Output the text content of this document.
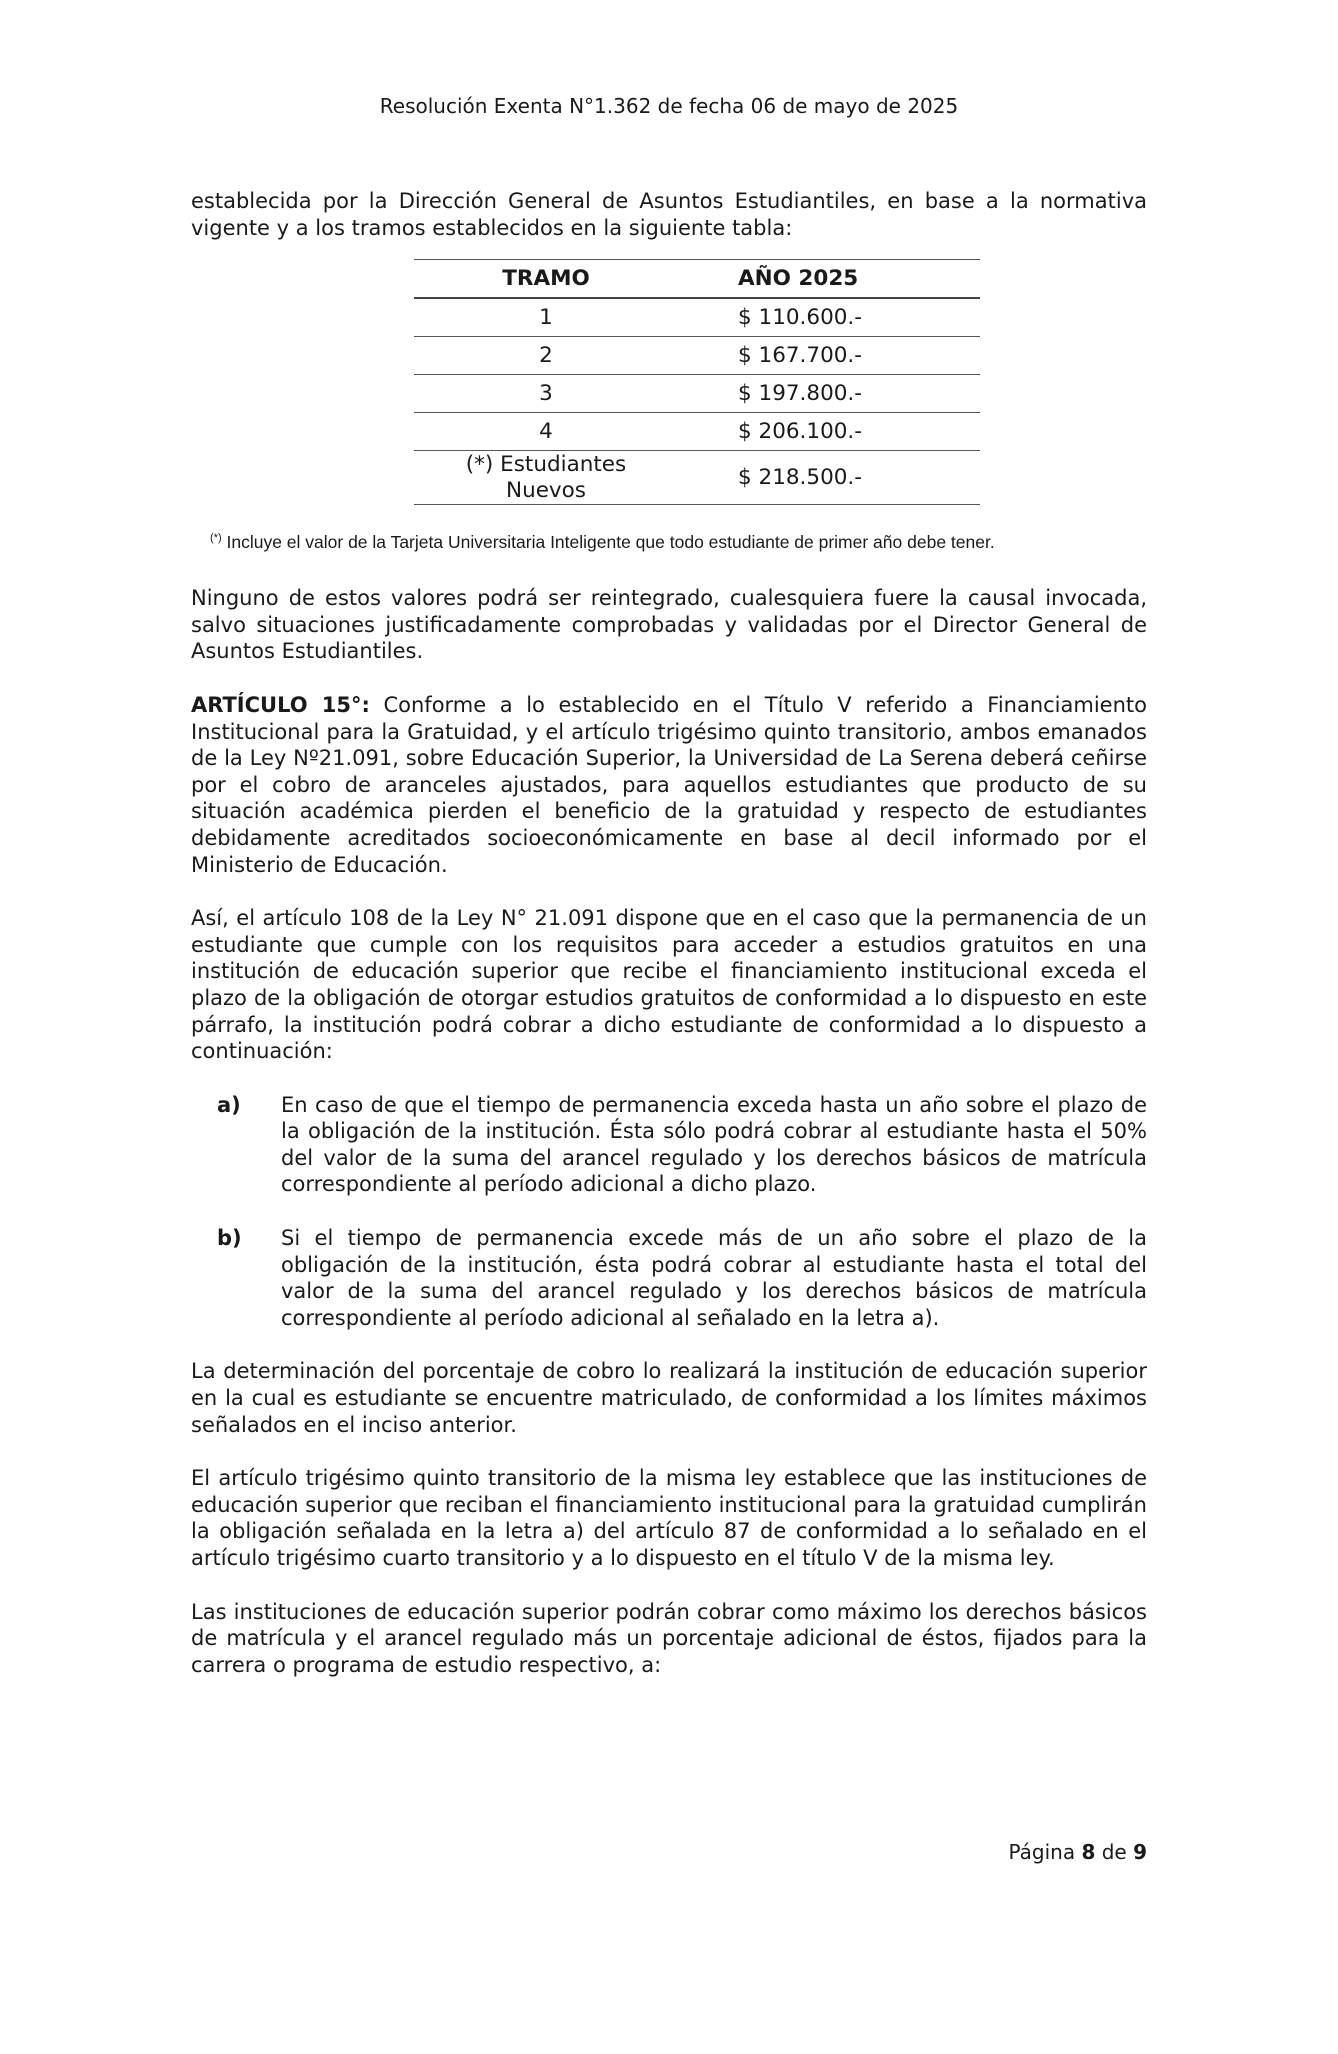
Resolución Exenta N°1.362 de fecha 06 de mayo de 2025

establecida por la Dirección General de Asuntos Estudiantiles, en base a la normativa vigente y a los tramos establecidos en la siguiente tabla:

TRAMO	AÑO 2025
1	$ 110.600.-
2	$ 167.700.-
3	$ 197.800.-
4	$ 206.100.-

(*) Estudiantes Nuevos	$ 218.500.-
(*) Incluye el valor de la Tarjeta Universitaria Inteligente que todo estudiante de primer año debe tener.

Ninguno de estos valores podrá ser reintegrado, cualesquiera fuere la causal invocada, salvo situaciones justificadamente comprobadas y validadas por el Director General de Asuntos Estudiantiles.

ARTÍCULO 15°: Conforme a lo establecido en el Título V referido a Financiamiento Institucional para la Gratuidad, y el artículo trigésimo quinto transitorio, ambos emanados de la Ley Nº21.091, sobre Educación Superior, la Universidad de La Serena deberá ceñirse por el cobro de aranceles ajustados, para aquellos estudiantes que producto de su situación académica pierden el beneficio de la gratuidad y respecto de estudiantes debidamente acreditados socioeconómicamente en base al decil informado por el Ministerio de Educación.

Así, el artículo 108 de la Ley N° 21.091 dispone que en el caso que la permanencia de un estudiante que cumple con los requisitos para acceder a estudios gratuitos en una institución de educación superior que recibe el financiamiento institucional exceda el plazo de la obligación de otorgar estudios gratuitos de conformidad a lo dispuesto en este párrafo, la institución podrá cobrar a dicho estudiante de conformidad a lo dispuesto a continuación:

a)	En caso de que el tiempo de permanencia exceda hasta un año sobre el plazo de la obligación de la institución. Ésta sólo podrá cobrar al estudiante hasta el 50% del valor de la suma del arancel regulado y los derechos básicos de matrícula correspondiente al período adicional a dicho plazo.

b)	Si el tiempo de permanencia excede más de un año sobre el plazo de la obligación de la institución, ésta podrá cobrar al estudiante hasta el total del valor de la suma del arancel regulado y los derechos básicos de matrícula correspondiente al período adicional al señalado en la letra a).

La determinación del porcentaje de cobro lo realizará la institución de educación superior en la cual es estudiante se encuentre matriculado, de conformidad a los límites máximos señalados en el inciso anterior.

El artículo trigésimo quinto transitorio de la misma ley establece que las instituciones de educación superior que reciban el financiamiento institucional para la gratuidad cumplirán la obligación señalada en la letra a) del artículo 87 de conformidad a lo señalado en el artículo trigésimo cuarto transitorio y a lo dispuesto en el título V de la misma ley.

Las instituciones de educación superior podrán cobrar como máximo los derechos básicos de matrícula y el arancel regulado más un porcentaje adicional de éstos, fijados para la carrera o programa de estudio respectivo, a:

Página 8 de 9
